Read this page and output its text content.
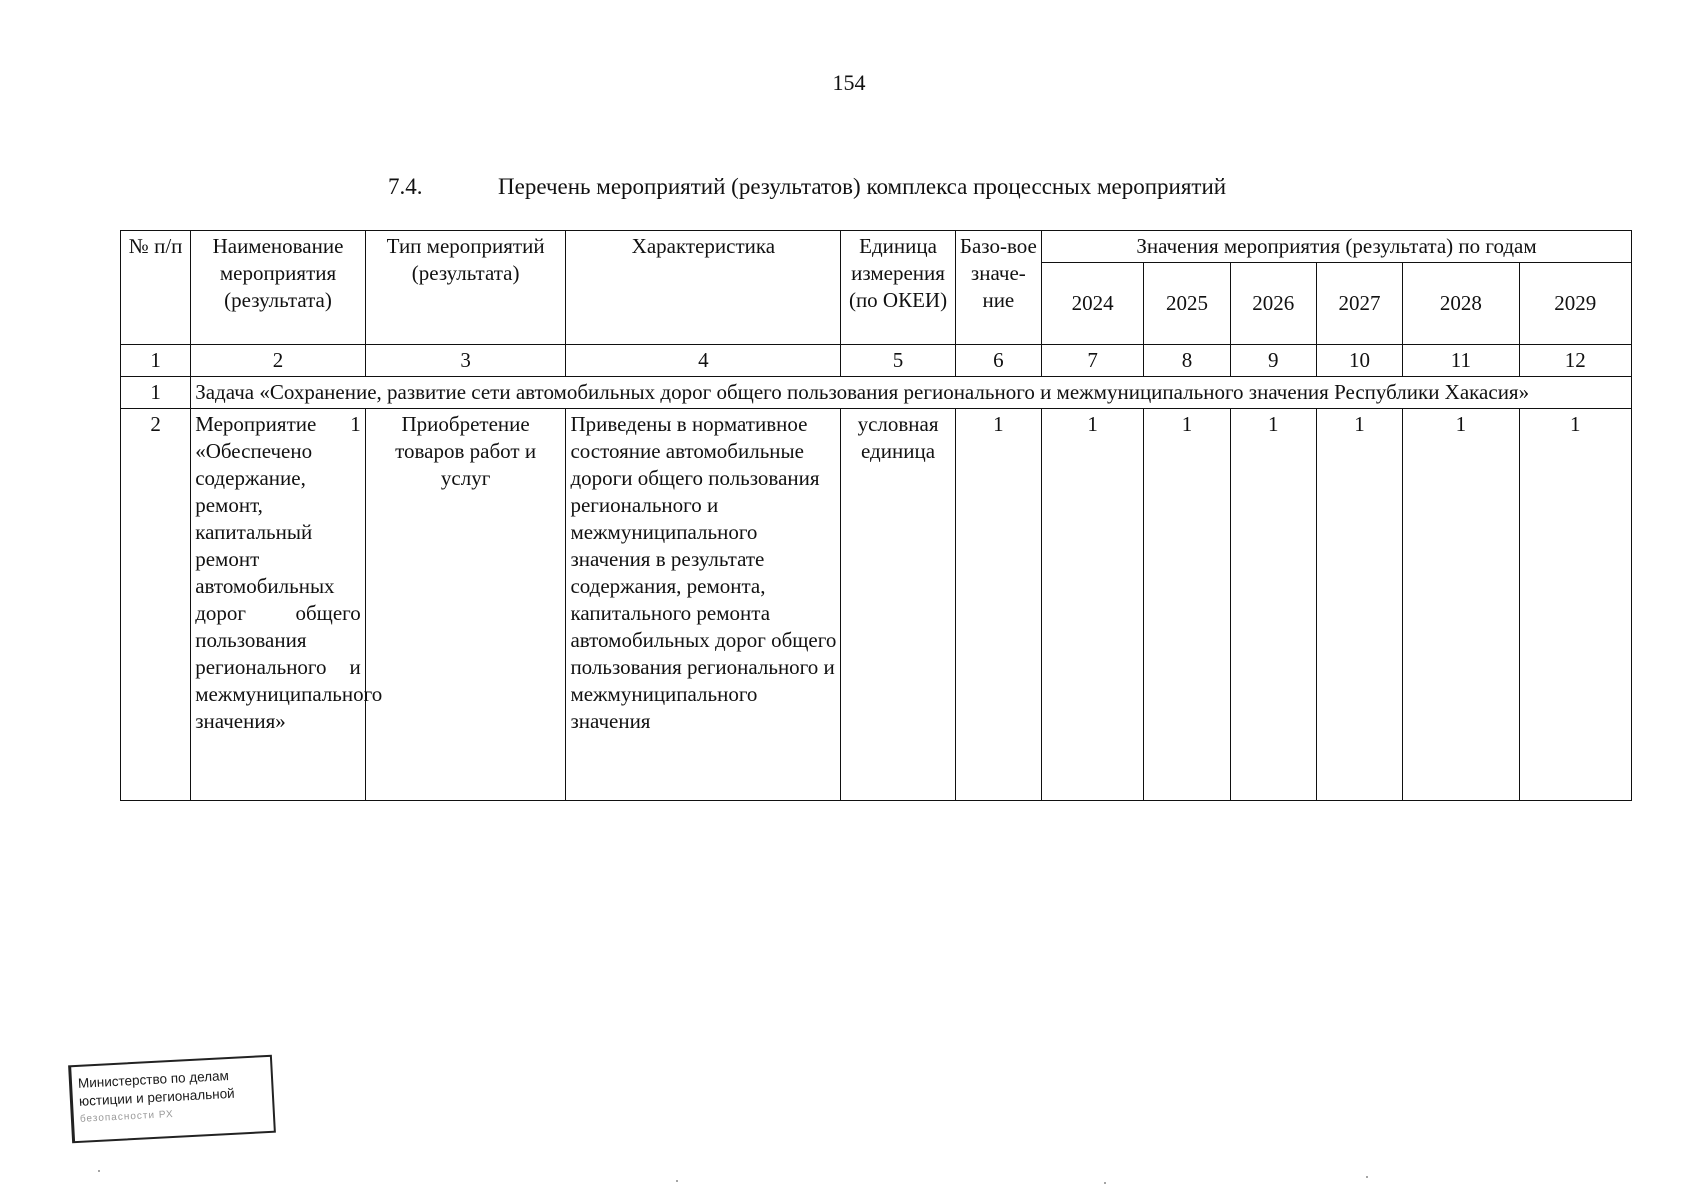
154
7.4.	Перечень мероприятий (результатов) комплекса процессных мероприятий
№ п/п	Наименование мероприятия (результата)	Тип мероприятий (результата)	Характеристика	Единица измерения (по ОКЕИ)	Базо-вое значе-ние	Значения мероприятия (результата) по годам					
						2024	2025	2026	2027	2028	2029
1	2	3	4	5	6	7	8	9	10	11	12
1	Задача «Сохранение, развитие сети автомобильных дорог общего пользования регионального и межмуниципального значения Республики Хакасия»										
2	Мероприятие 1 «Обеспечено содержание, ремонт, капитальный ремонт автомобильных дорог общего пользования регионального и межмуниципального значения»	Приобретение товаров работ и услуг	Приведены в нормативное состояние автомобильные дороги общего пользования регионального и межмуниципального значения в результате содержания, ремонта, капитального ремонта автомобильных дорог общего пользования регионального и межмуниципального значения	условная единица	1	1	1	1	1	1	1
Министерство по делам
юстиции и региональной
безопасности РХ
